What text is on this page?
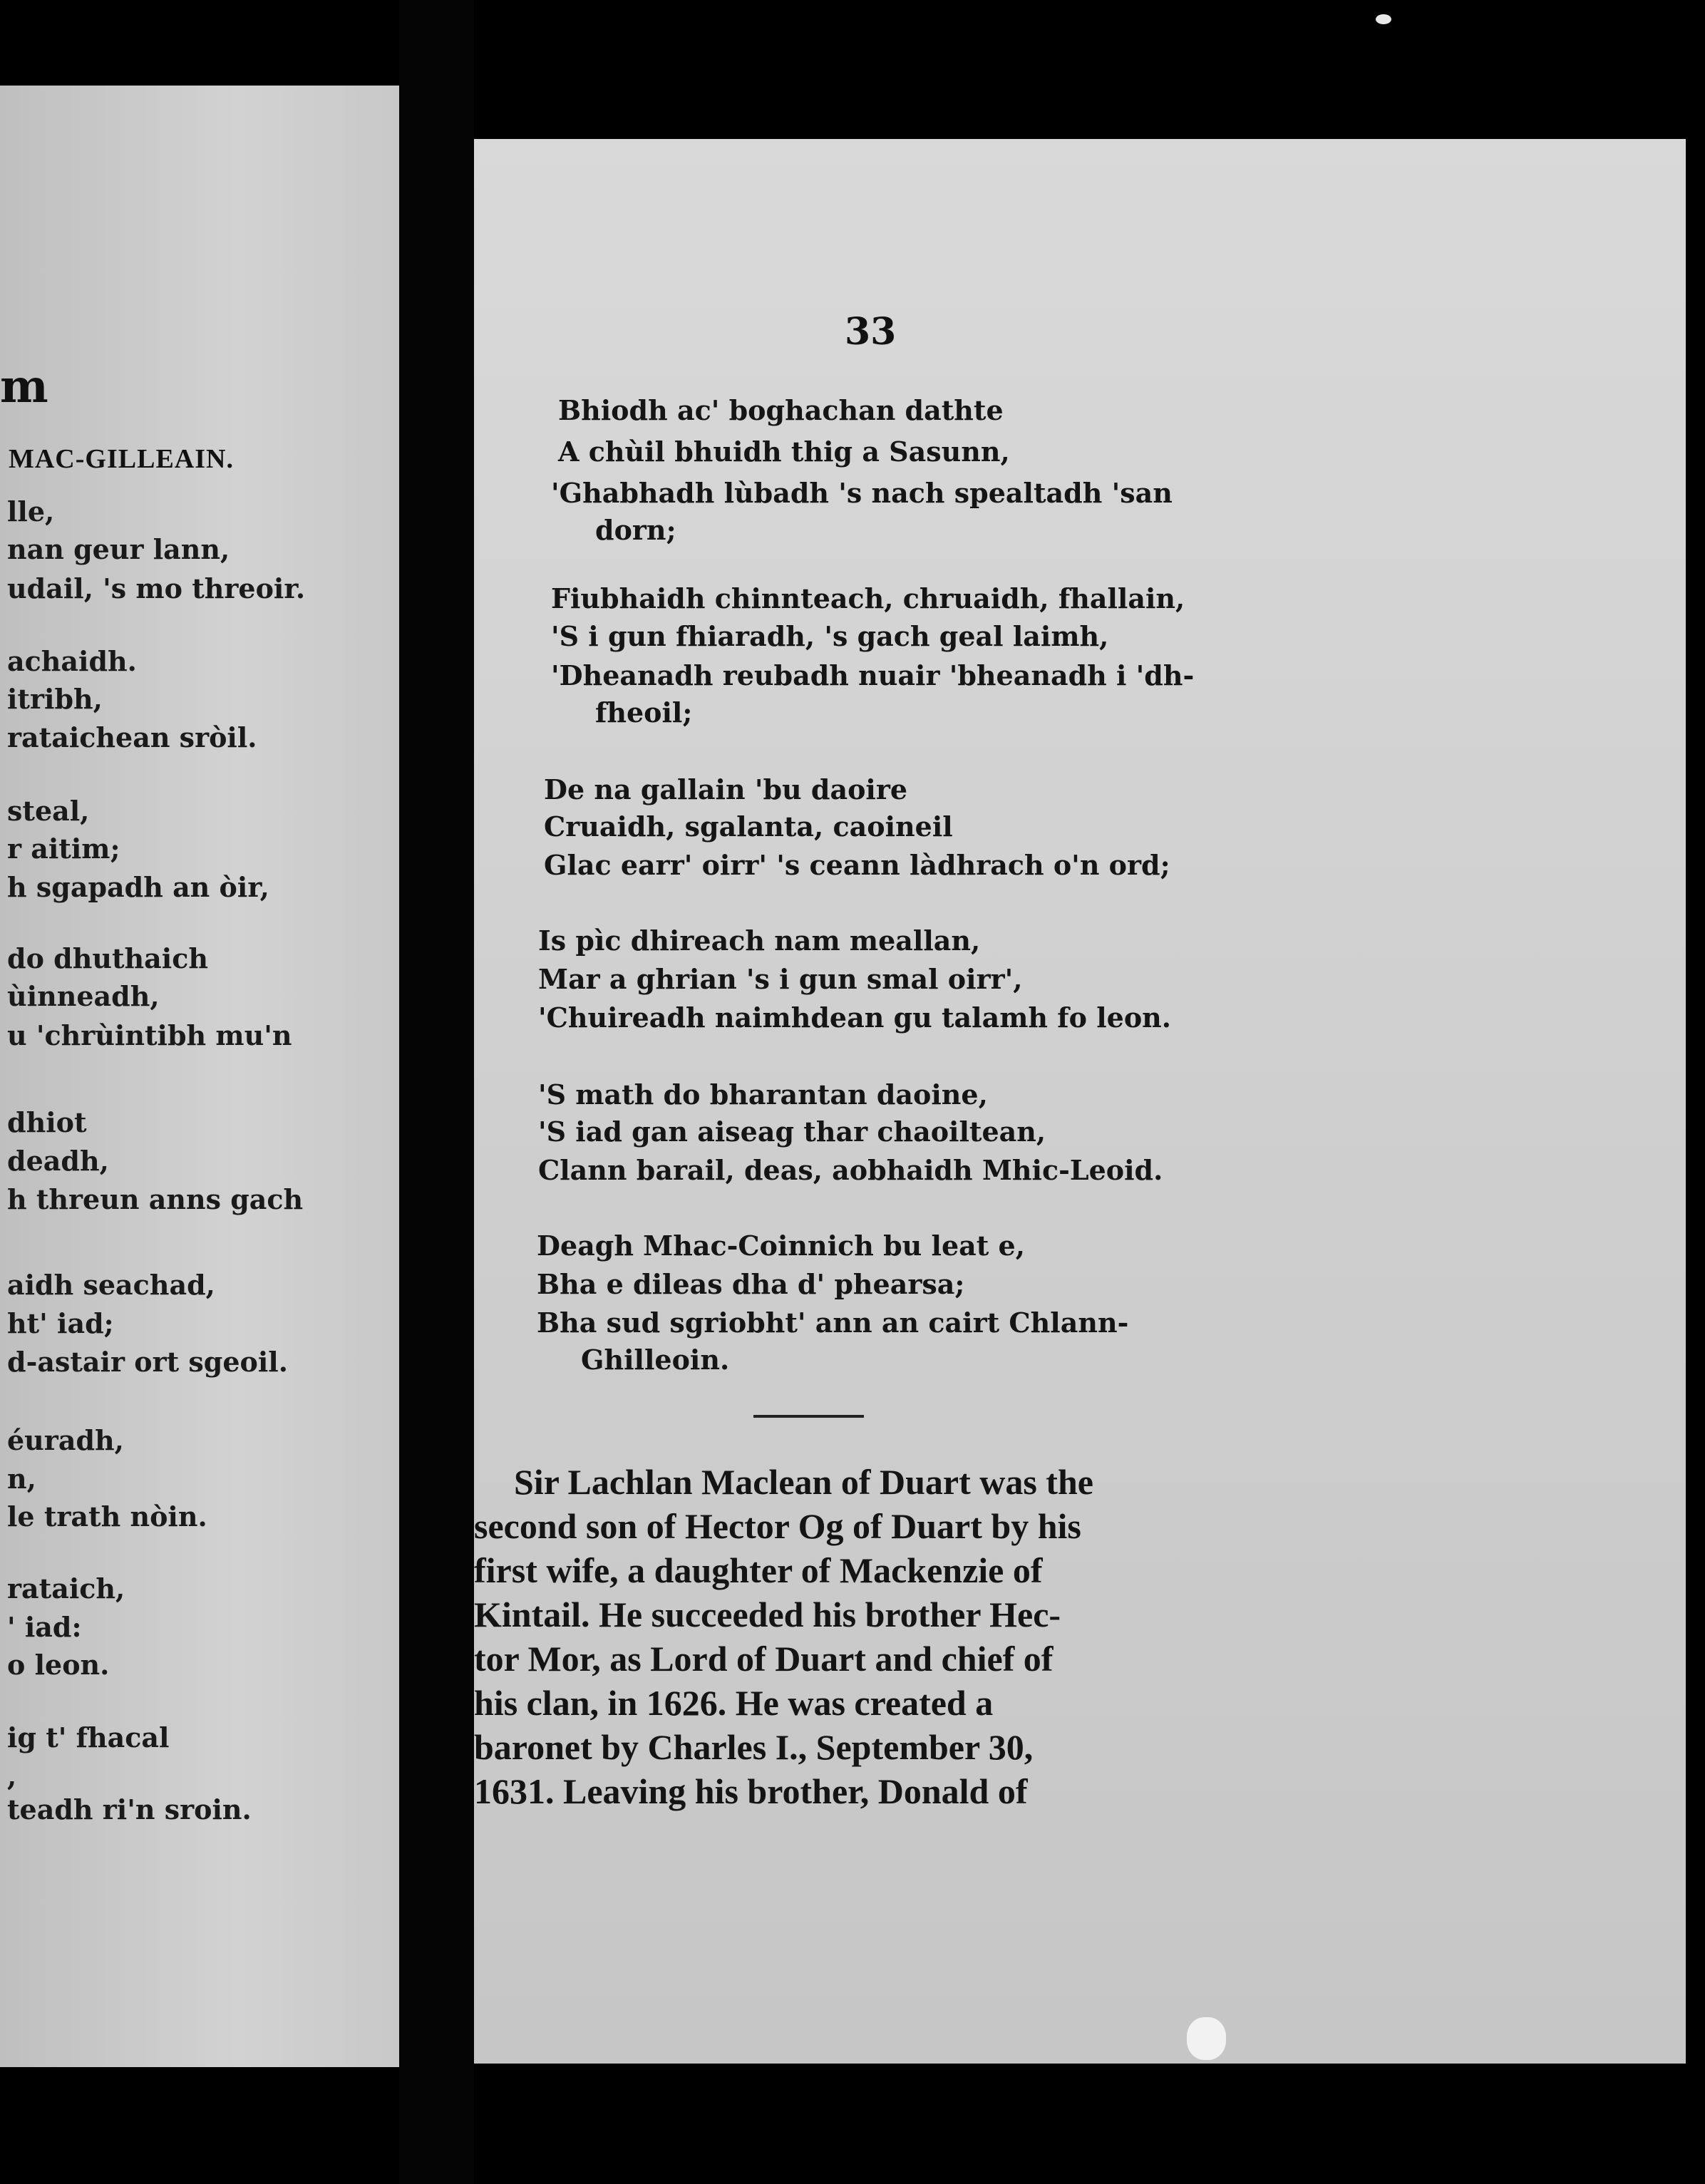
m
MAC-GILLEAIN.
lle,
nan geur lann,
udail, 's mo threoir.
achaidh.
itribh,
rataichean sròil.
steal,
r aitim;
h sgapadh an òir,
do dhuthaich
ùinneadh,
u 'chrùintibh mu'n
dhiot
deadh,
h threun anns gach
aidh seachad,
ht' iad;
d-astair ort sgeoil.
éuradh,
n,
le trath nòin.
rataich,
' iad:
o leon.
ig t' fhacal
,
teadh ri'n sroin.
33
Bhiodh ac' boghachan dathte
A chùil bhuidh thig a Sasunn,
'Ghabhadh lùbadh 's nach spealtadh 'san
dorn;
Fiubhaidh chinnteach, chruaidh, fhallain,
'S i gun fhiaradh, 's gach geal laimh,
'Dheanadh reubadh nuair 'bheanadh i 'dh-
fheoil;
De na gallain 'bu daoire
Cruaidh, sgalanta, caoineil
Glac earr' oirr' 's ceann làdhrach o'n ord;
Is pìc dhireach nam meallan,
Mar a ghrian 's i gun smal oirr',
'Chuireadh naimhdean gu talamh fo leon.
'S math do bharantan daoine,
'S iad gan aiseag thar chaoiltean,
Clann barail, deas, aobhaidh Mhic-Leoid.
Deagh Mhac-Coinnich bu leat e,
Bha e dileas dha d' phearsa;
Bha sud sgriobht' ann an cairt Chlann-
Ghilleoin.
Sir Lachlan Maclean of Duart was the
second son of Hector Og of Duart by his
first wife, a daughter of Mackenzie of
Kintail. He succeeded his brother Hec-
tor Mor, as Lord of Duart and chief of
his clan, in 1626. He was created a
baronet by Charles I., September 30,
1631. Leaving his brother, Donald of
